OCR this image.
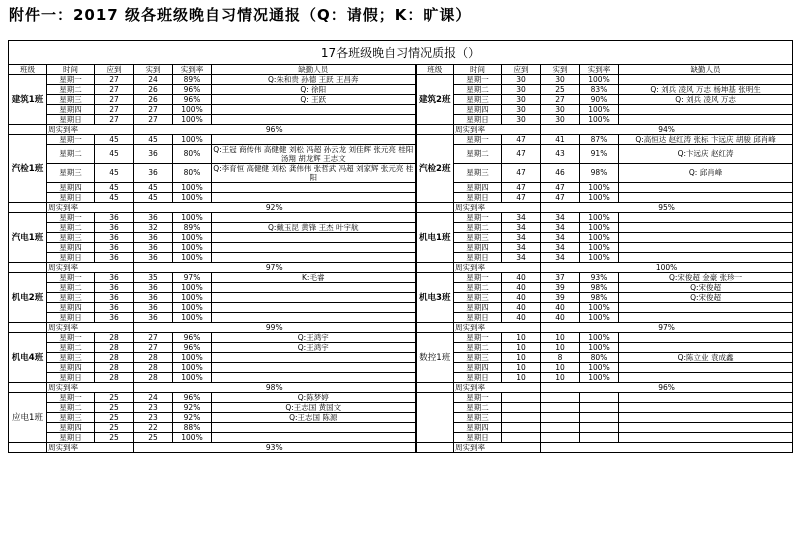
附件一：2017 级各班级晚自习情况通报（Q：请假；K：旷课）
17各班级晚自习情况质报（）											
班级	时间	应到	实到	实到率	缺勤人员	班级	时间	应到	实到	实到率	缺勤人员
建筑1班	星期一	27	24	89%	Q:朱和贵 孙德 王跃 王昌奔	建筑2班	星期一	30	30	100%	
	星期二	27	26	96%	Q: 徐阳		星期二	30	25	83%	Q: 刘兵 凌风 万志 杨坤基 张明生
	星期三	27	26	96%	Q: 王跃		星期三	30	27	90%	Q: 刘兵 凌风 万志
	星期四	27	27	100%			星期四	30	30	100%	
	星期日	27	27	100%			星期日	30	30	100%	
	周实到率		96%				周实到率		94%		
汽检1班	星期一	45	45	100%		汽检2班	星期一	47	41	87%	Q:高恒达 赵红涛 张标 卞远庆 胡骏 邱肖峰
	星期二	45	36	80%	Q:王冠 商传伟 高健健 刘松 冯超 孙云龙 刘佳辉 张元亮 桂阳 汤翔 胡龙辉 王志文		星期二	47	43	91%	Q:卞远庆 赵红涛
	星期三	45	36	80%	Q:李育恒 高健健 刘松 龚伟伟 张哲武 冯超 刘家辉 张元亮 桂阳		星期三	47	46	98%	Q: 邱肖峰
	星期四	45	45	100%			星期四	47	47	100%	
	星期日	45	45	100%			星期日	47	47	100%	
	周实到率		92%				周实到率		95%		
汽电1班	星期一	36	36	100%		机电1班	星期一	34	34	100%	
	星期二	36	32	89%	Q:戴玉昆 黄锋 王杰 叶宇航		星期二	34	34	100%	
	星期三	36	36	100%			星期三	34	34	100%	
	星期四	36	36	100%			星期四	34	34	100%	
	星期日	36	36	100%			星期日	34	34	100%	
	周实到率		97%				周实到率		100%		
机电2班	星期一	36	35	97%	K:毛睿	机电3班	星期一	40	37	93%	Q:宋俊超 金豪 张珍一
	星期二	36	36	100%			星期二	40	39	98%	Q:宋俊超
	星期三	36	36	100%			星期三	40	39	98%	Q:宋俊超
	星期四	36	36	100%			星期四	40	40	100%	
	星期日	36	36	100%			星期日	40	40	100%	
	周实到率		99%				周实到率		97%		
机电4班	星期一	28	27	96%	Q:王鸿宇	数控1班	星期一	10	10	100%	
	星期二	28	27	96%	Q:王鸿宇		星期二	10	10	100%	
	星期三	28	28	100%			星期三	10	8	80%	Q:陈立业 袁成鑫
	星期四	28	28	100%			星期四	10	10	100%	
	星期日	28	28	100%			星期日	10	10	100%	
	周实到率		98%				周实到率		96%		
应电1班	星期一	25	24	96%	Q:陈梦婷		星期一				
	星期二	25	23	92%	Q:王志国 黄国文		星期二				
	星期三	25	23	92%	Q:王志国 陈源		星期三				
	星期四	25	22	88%			星期四				
	星期日	25	25	100%			星期日				
	周实到率		93%				周实到率				
